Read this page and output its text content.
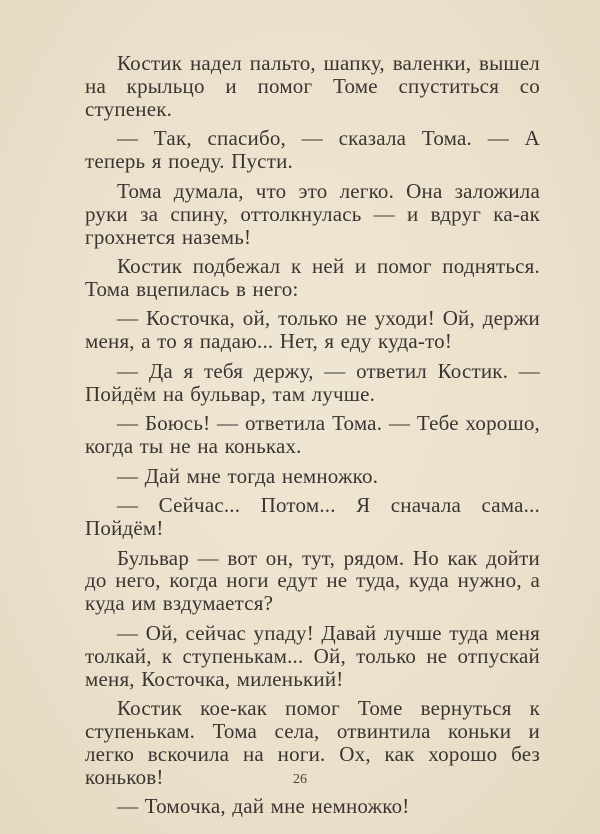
Костик надел пальто, шапку, валенки, вышел на крыльцо и помог Томе спуститься со ступенек.

— Так, спасибо, — сказала Тома. — А теперь я поеду. Пусти.

Тома думала, что это легко. Она заложила руки за спину, оттолкнулась — и вдруг ка-ак грохнется наземь!

Костик подбежал к ней и помог подняться. Тома вцепилась в него:

— Косточка, ой, только не уходи! Ой, держи меня, а то я падаю... Нет, я еду куда-то!

— Да я тебя держу, — ответил Костик. — Пойдём на бульвар, там лучше.

— Боюсь! — ответила Тома. — Тебе хорошо, когда ты не на коньках.

— Дай мне тогда немножко.

— Сейчас... Потом... Я сначала сама... Пойдём!

Бульвар — вот он, тут, рядом. Но как дойти до него, когда ноги едут не туда, куда нужно, а куда им вздумается?

— Ой, сейчас упаду! Давай лучше туда меня толкай, к ступенькам... Ой, только не отпускай меня, Косточка, миленький!

Костик кое-как помог Томе вернуться к ступенькам. Тома села, отвинтила коньки и легко вскочила на ноги. Ох, как хорошо без коньков!

— Томочка, дай мне немножко!

26
